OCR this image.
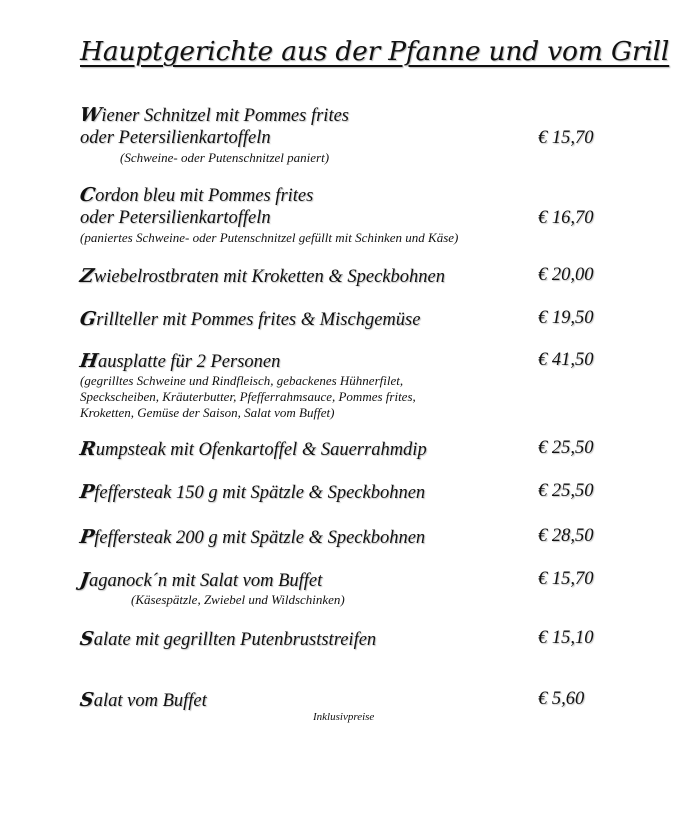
Hauptgerichte aus der Pfanne und vom Grill
Wiener Schnitzel mit Pommes frites
oder Petersilienkartoffeln	€ 15,70
(Schweine- oder Putenschnitzel paniert)
Cordon bleu mit Pommes frites
oder Petersilienkartoffeln	€ 16,70
(paniertes Schweine- oder Putenschnitzel gefüllt mit Schinken und Käse)
Zwiebelrostbraten mit Kroketten & Speckbohnen	€ 20,00
Grillteller mit Pommes frites & Mischgemüse	€ 19,50
Hausplatte für 2 Personen	€ 41,50
(gegrilltes Schweine und Rindfleisch, gebackenes Hühnerfilet,
Speckscheiben, Kräuterbutter, Pfefferrahmsauce, Pommes frites,
Kroketten, Gemüse der Saison, Salat vom Buffet)
Rumpsteak mit Ofenkartoffel & Sauerrahmdip	€ 25,50
Pfeffersteak 150 g mit Spätzle & Speckbohnen	€ 25,50
Pfeffersteak 200 g mit Spätzle & Speckbohnen	€ 28,50
Jaganock´n mit Salat vom Buffet	€ 15,70
(Käsespätzle, Zwiebel und Wildschinken)
Salate mit gegrillten Putenbruststreifen	€ 15,10
Salat vom Buffet	€ 5,60
Inklusivpreise
